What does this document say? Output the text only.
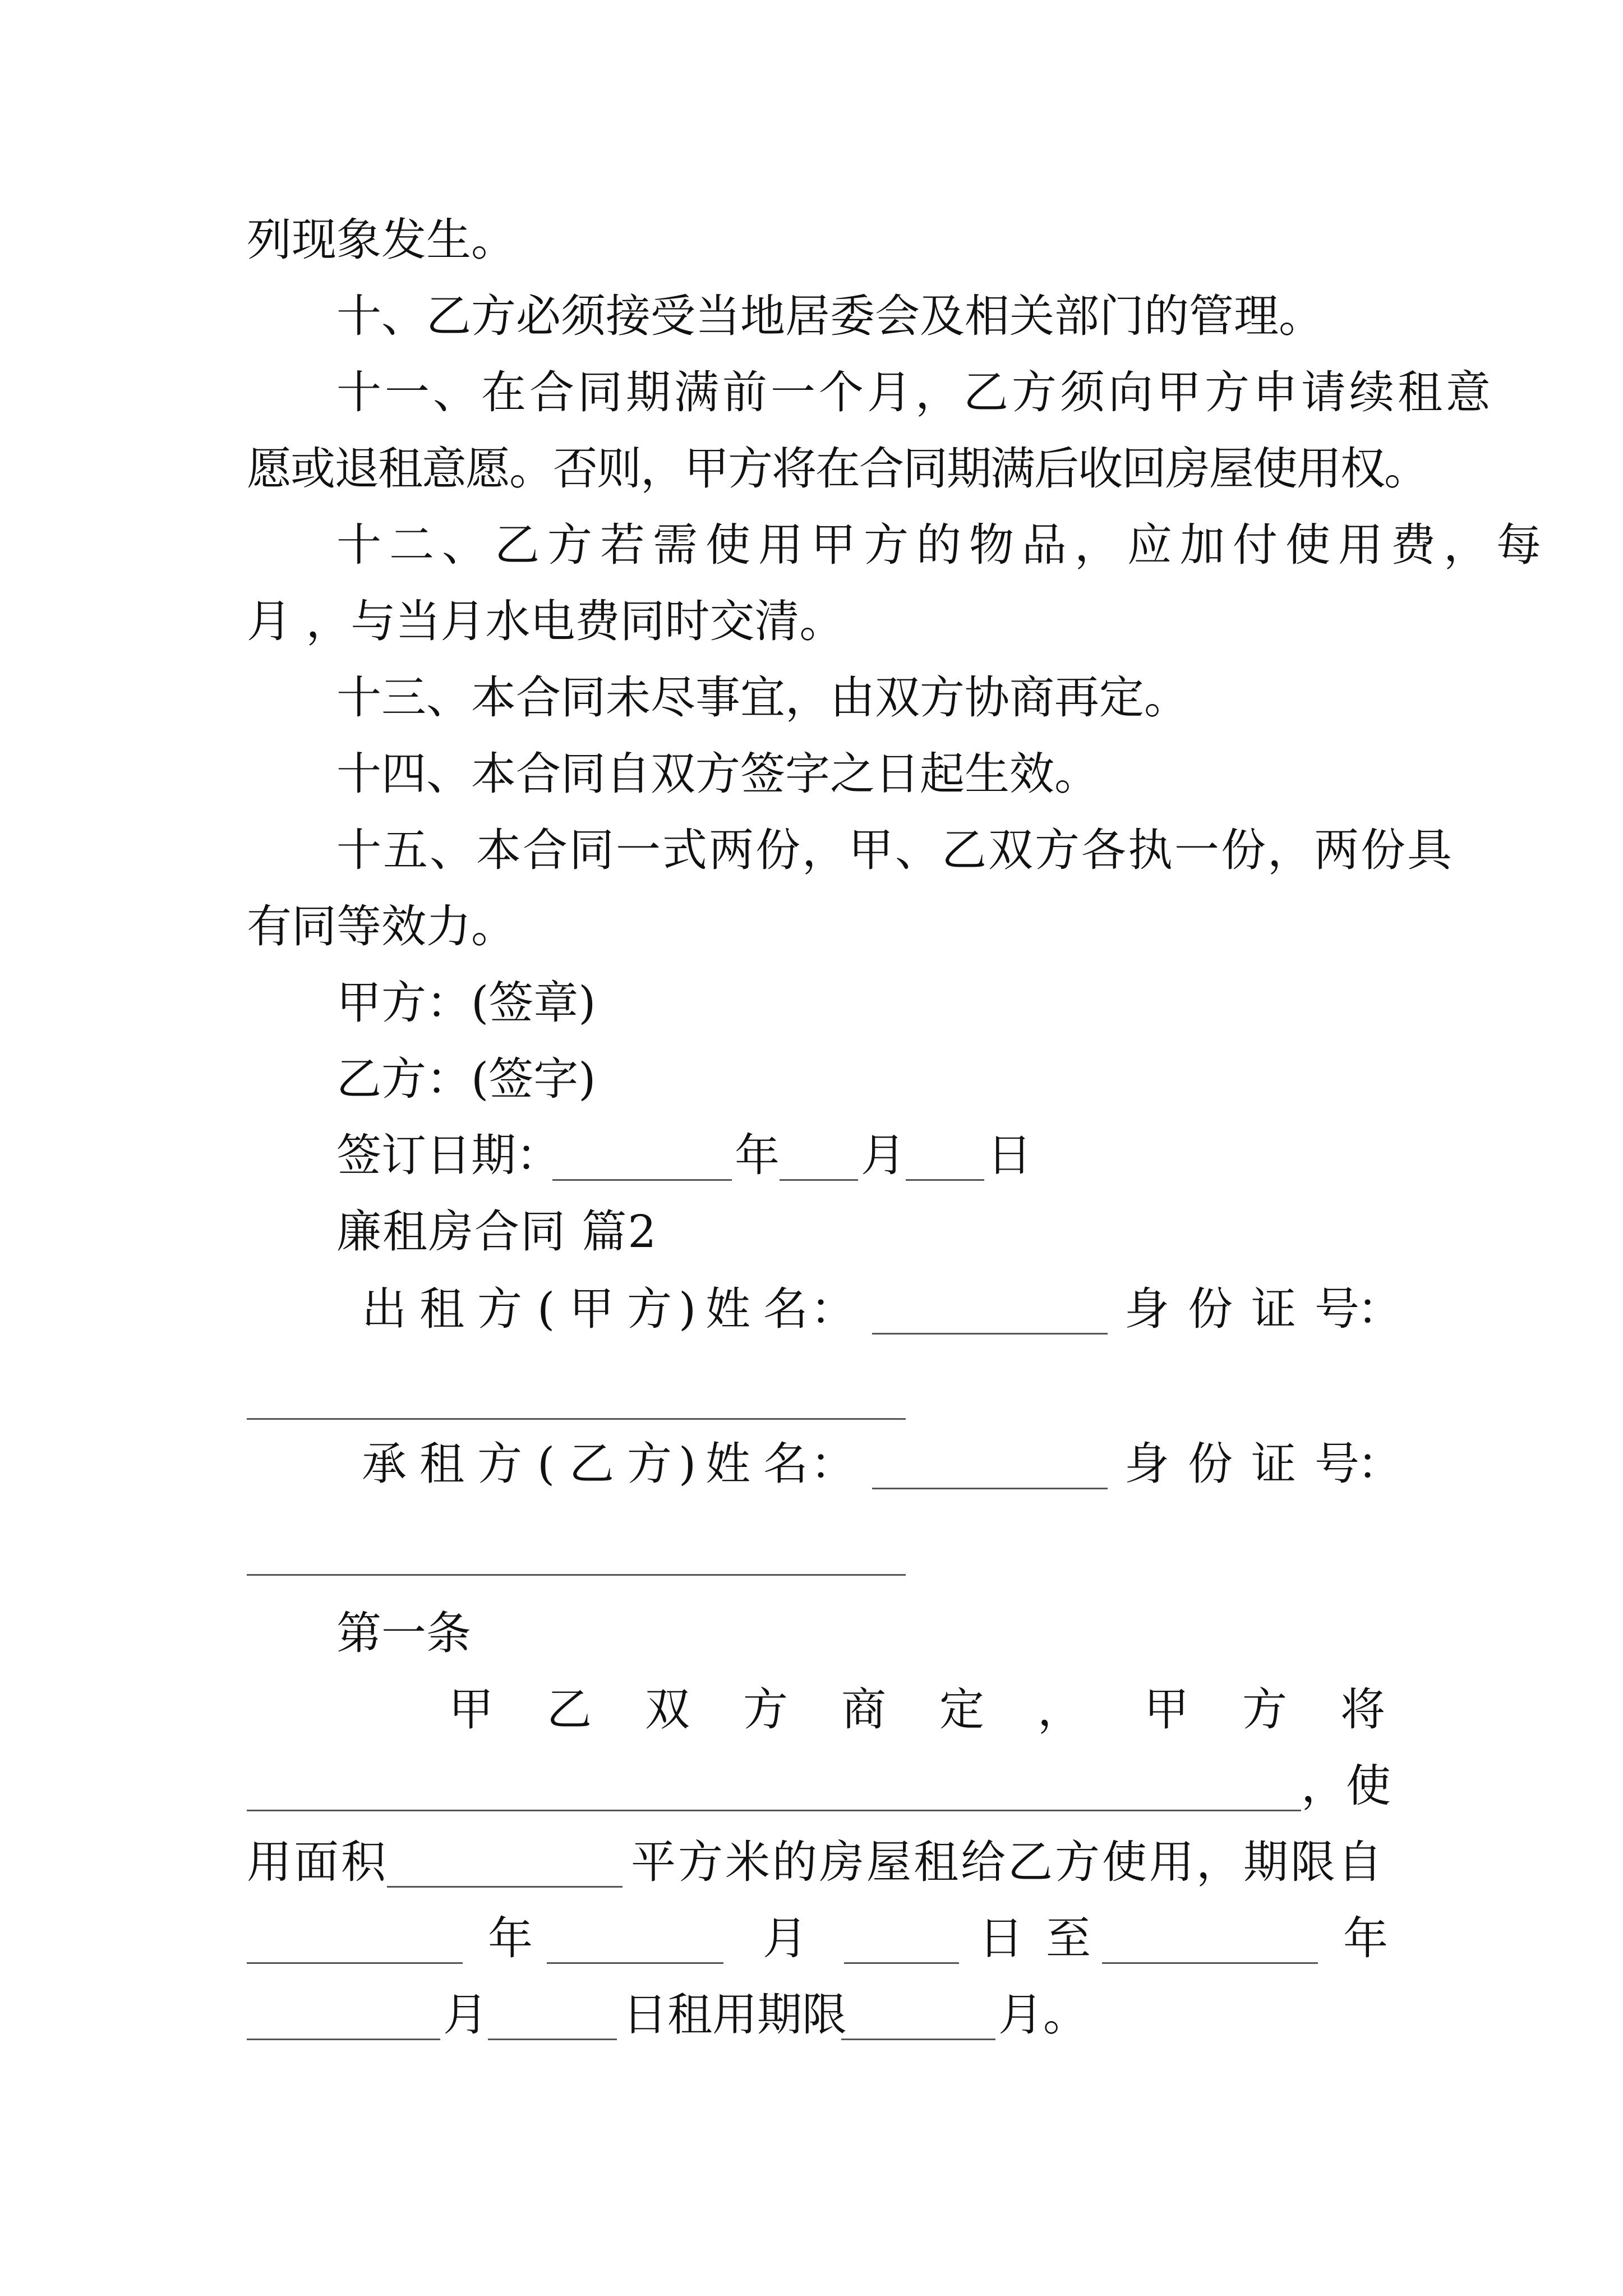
列现象发生。
十、乙方必须接受当地居委会及相关部门的管理。
十一、在合同期满前一个月，乙方须向甲方申请续租意
愿或退租意愿。否则，甲方将在合同期满后收回房屋使用权。
十二、乙方若需使用甲方的物品，应加付使用费，每
月 ，与当月水电费同时交清。
十三、本合同未尽事宜，由双方协商再定。
十四、本合同自双方签字之日起生效。
十五、本合同一式两份，甲、乙双方各执一份，两份具
有同等效力。
甲方：(签章)
乙方：(签字)
签订日期：	年 月 日
廉租房合同 篇2
出 租 方 ( 甲 方 ) 姓 名 ：	身 份 证 号
：
承 租 方 ( 乙 方 ) 姓 名 ：	身 份 证 号
：
第一条
甲 乙 双 方 商 定 ， 甲 方 将
，使
用面积	平方米的房屋租给乙方使用，期限自
年	月	日 至	年
月	日租用期限	月。
